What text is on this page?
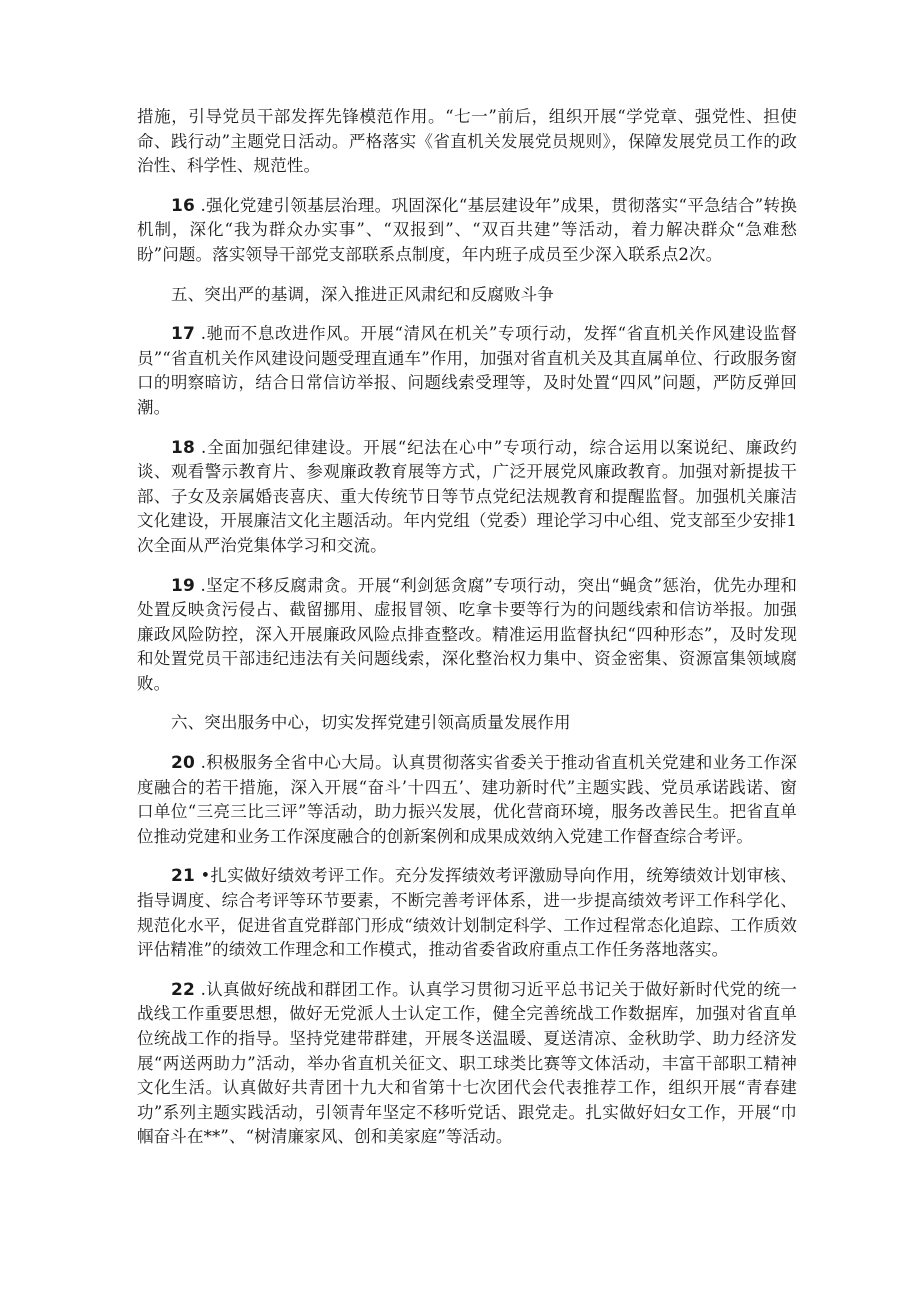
措施，引导党员干部发挥先锋模范作用。“七一”前后，组织开展“学党章、强党性、担使命、践行动”主题党日活动。严格落实《省直机关发展党员规则》，保障发展党员工作的政治性、科学性、规范性。

16 .强化党建引领基层治理。巩固深化“基层建设年”成果，贯彻落实“平急结合”转换机制，深化“我为群众办实事”、“双报到”、“双百共建”等活动，着力解决群众“急难愁盼”问题。落实领导干部党支部联系点制度，年内班子成员至少深入联系点2次。

五、突出严的基调，深入推进正风肃纪和反腐败斗争

17 .驰而不息改进作风。开展“清风在机关”专项行动，发挥“省直机关作风建设监督员”“省直机关作风建设问题受理直通车”作用，加强对省直机关及其直属单位、行政服务窗口的明察暗访，结合日常信访举报、问题线索受理等，及时处置“四风”问题，严防反弹回潮。

18 .全面加强纪律建设。开展“纪法在心中”专项行动，综合运用以案说纪、廉政约谈、观看警示教育片、参观廉政教育展等方式，广泛开展党风廉政教育。加强对新提拔干部、子女及亲属婚丧喜庆、重大传统节日等节点党纪法规教育和提醒监督。加强机关廉洁文化建设，开展廉洁文化主题活动。年内党组（党委）理论学习中心组、党支部至少安排1次全面从严治党集体学习和交流。

19 .坚定不移反腐肃贪。开展“利剑惩贪腐”专项行动，突出“蝇贪”惩治，优先办理和处置反映贪污侵占、截留挪用、虚报冒领、吃拿卡要等行为的问题线索和信访举报。加强廉政风险防控，深入开展廉政风险点排查整改。精准运用监督执纪“四种形态”，及时发现和处置党员干部违纪违法有关问题线索，深化整治权力集中、资金密集、资源富集领域腐败。

六、突出服务中心，切实发挥党建引领高质量发展作用

20 .积极服务全省中心大局。认真贯彻落实省委关于推动省直机关党建和业务工作深度融合的若干措施，深入开展“奋斗’十四五’、建功新时代”主题实践、党员承诺践诺、窗口单位“三亮三比三评”等活动，助力振兴发展，优化营商环境，服务改善民生。把省直单位推动党建和业务工作深度融合的创新案例和成果成效纳入党建工作督查综合考评。

21 •扎实做好绩效考评工作。充分发挥绩效考评激励导向作用，统筹绩效计划审核、指导调度、综合考评等环节要素，不断完善考评体系，进一步提高绩效考评工作科学化、规范化水平，促进省直党群部门形成“绩效计划制定科学、工作过程常态化追踪、工作质效评估精准”的绩效工作理念和工作模式，推动省委省政府重点工作任务落地落实。

22 .认真做好统战和群团工作。认真学习贯彻习近平总书记关于做好新时代党的统一战线工作重要思想，做好无党派人士认定工作，健全完善统战工作数据库，加强对省直单位统战工作的指导。坚持党建带群建，开展冬送温暖、夏送清凉、金秋助学、助力经济发展“两送两助力”活动，举办省直机关征文、职工球类比赛等文体活动，丰富干部职工精神文化生活。认真做好共青团十九大和省第十七次团代会代表推荐工作，组织开展“青春建功”系列主题实践活动，引领青年坚定不移听党话、跟党走。扎实做好妇女工作，开展“巾帼奋斗在**”、“树清廉家风、创和美家庭”等活动。
